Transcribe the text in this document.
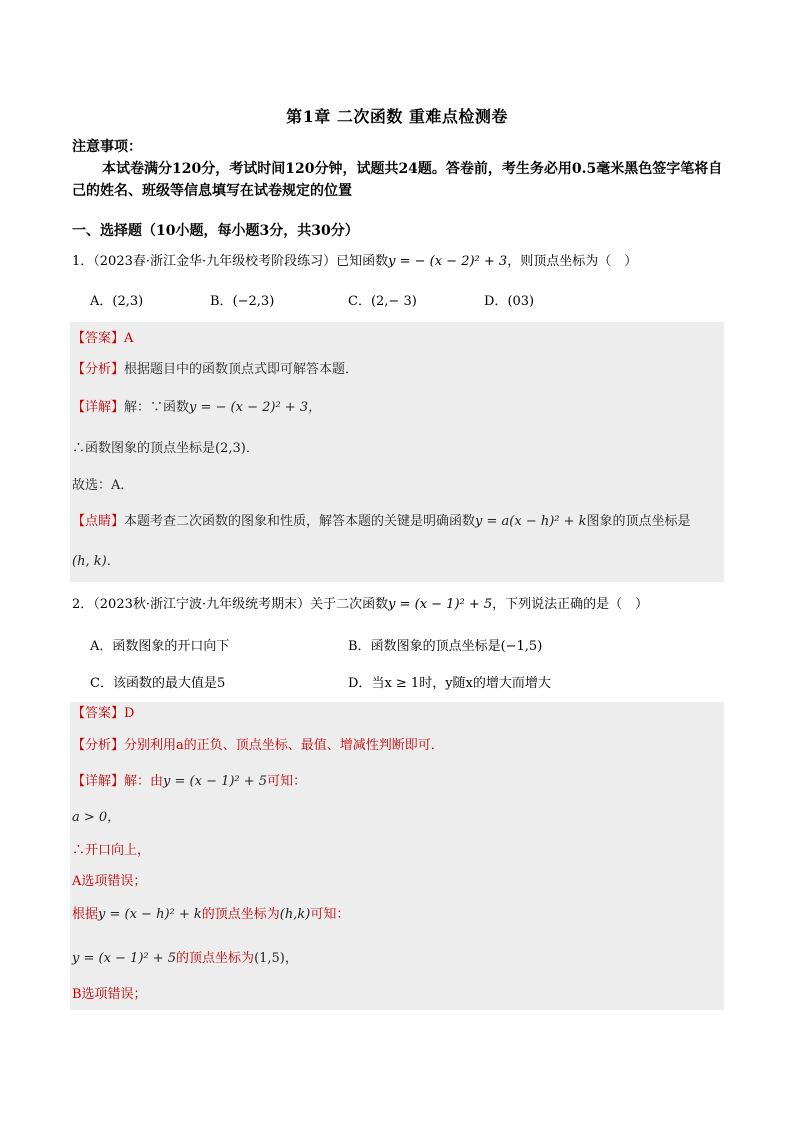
第1章 二次函数 重难点检测卷
注意事项：
本试卷满分120分，考试时间120分钟，试题共24题。答卷前，考生务必用0.5毫米黑色签字笔将自己的姓名、班级等信息填写在试卷规定的位置
一、选择题（10小题，每小题3分，共30分）
1．（2023春·浙江金华·九年级校考阶段练习）已知函数y = − (x − 2)² + 3，则顶点坐标为（　）
A．(2,3)	B．(−2,3)	C．(2,− 3)	D．(03)
【答案】A
【分析】根据题目中的函数顶点式即可解答本题．
【详解】解：∵函数y = − (x − 2)² + 3，
∴函数图象的顶点坐标是(2,3)．
故选：A．
【点睛】本题考查二次函数的图象和性质，解答本题的关键是明确函数y = a(x − h)² + k图象的顶点坐标是
(h, k)．
2．（2023秋·浙江宁波·九年级统考期末）关于二次函数y = (x − 1)² + 5，下列说法正确的是（　）
A．函数图象的开口向下	B．函数图象的顶点坐标是(−1,5)
C．该函数的最大值是5	D．当x ≥ 1时，y随x的增大而增大
【答案】D
【分析】分别利用a的正负、顶点坐标、最值、增减性判断即可．
【详解】解：由y = (x − 1)² + 5可知：
a > 0，
∴开口向上，
A选项错误；
根据y = (x − h)² + k的顶点坐标为(h,k)可知：
y = (x − 1)² + 5的顶点坐标为(1,5)，
B选项错误；
